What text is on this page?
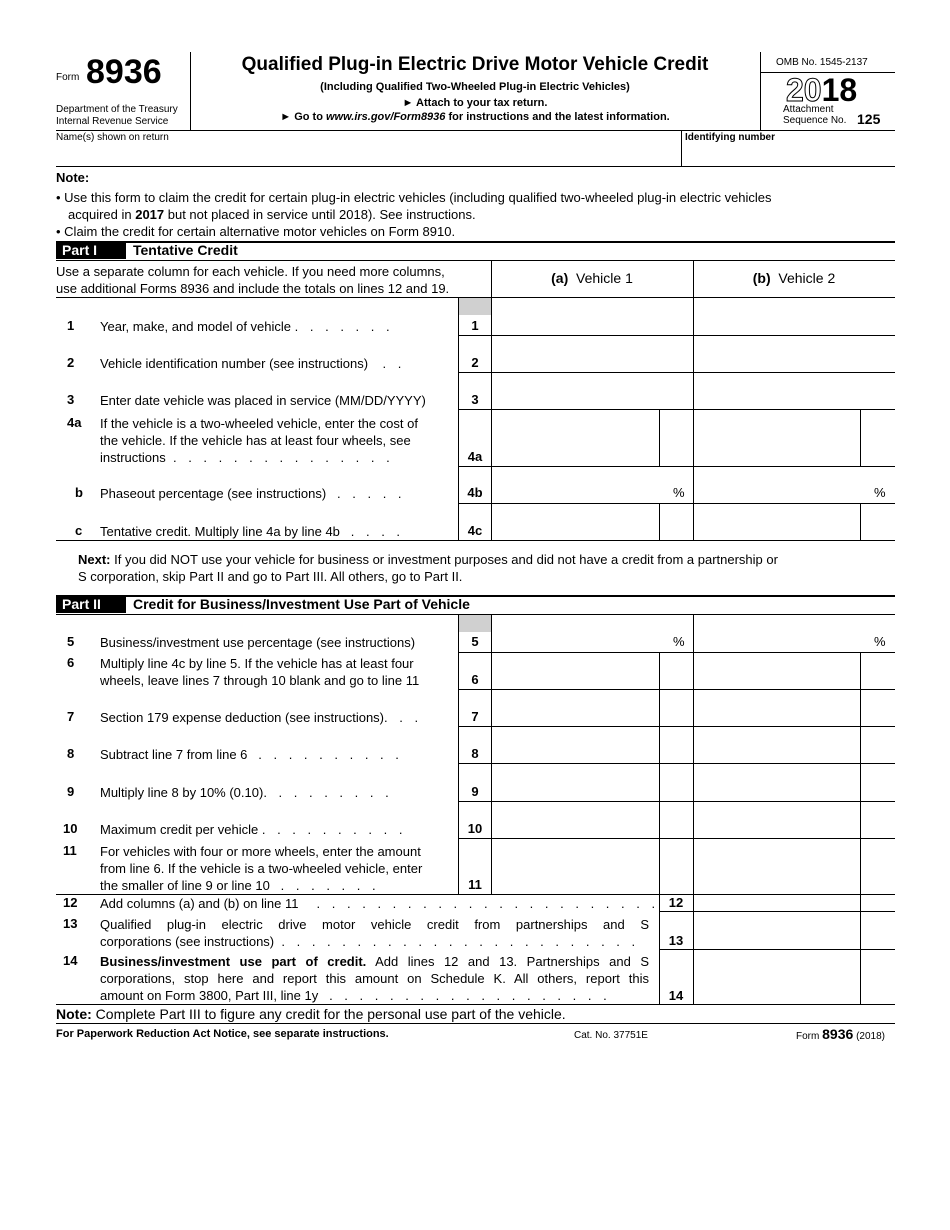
Form 8936
Department of the Treasury
Internal Revenue Service
Qualified Plug-in Electric Drive Motor Vehicle Credit
(Including Qualified Two-Wheeled Plug-in Electric Vehicles)
► Attach to your tax return.
► Go to www.irs.gov/Form8936 for instructions and the latest information.
OMB No. 1545-2137
2018
Attachment
Sequence No. 125
Name(s) shown on return	Identifying number
Note:
• Use this form to claim the credit for certain plug-in electric vehicles (including qualified two-wheeled plug-in electric vehicles
acquired in 2017 but not placed in service until 2018). See instructions.
• Claim the credit for certain alternative motor vehicles on Form 8910.
Part I	Tentative Credit
Use a separate column for each vehicle. If you need more columns,
use additional Forms 8936 and include the totals on lines 12 and 19.
(a) Vehicle 1	(b) Vehicle 2
1	Year, make, and model of vehicle . . . . . . .	1
2	Vehicle identification number (see instructions) . .	2
3	Enter date vehicle was placed in service (MM/DD/YYYY)	3
4a	If the vehicle is a two-wheeled vehicle, enter the cost of
the vehicle. If the vehicle has at least four wheels, see
instructions . . . . . . . . . . . . . . .	4a
b	Phaseout percentage (see instructions) . . . . .	4b	%	%
c	Tentative credit. Multiply line 4a by line 4b . . . .	4c
Next: If you did NOT use your vehicle for business or investment purposes and did not have a credit from a partnership or
S corporation, skip Part II and go to Part III. All others, go to Part II.
Part II	Credit for Business/Investment Use Part of Vehicle
5	Business/investment use percentage (see instructions)	5	%	%
6	Multiply line 4c by line 5. If the vehicle has at least four
wheels, leave lines 7 through 10 blank and go to line 11	6
7	Section 179 expense deduction (see instructions). . .	7
8	Subtract line 7 from line 6 . . . . . . . . . .	8
9	Multiply line 8 by 10% (0.10). . . . . . . . .	9
10	Maximum credit per vehicle . . . . . . . . . .	10
11	For vehicles with four or more wheels, enter the amount
from line 6. If the vehicle is a two-wheeled vehicle, enter
the smaller of line 9 or line 10 . . . . . . .	11
12	Add columns (a) and (b) on line 11 . . . . . . . . . . . . . . . . . . . . . . . 12
13	Qualified plug-in electric drive motor vehicle credit from partnerships and S
corporations (see instructions) . . . . . . . . . . . . . . . . . . . . . . . .	13
14	Business/investment use part of credit. Add lines 12 and 13. Partnerships and S
corporations, stop here and report this amount on Schedule K. All others, report this
amount on Form 3800, Part III, line 1y . . . . . . . . . . . . . . . . . . .	14
Note: Complete Part III to figure any credit for the personal use part of the vehicle.
For Paperwork Reduction Act Notice, see separate instructions.	Cat. No. 37751E	Form 8936 (2018)
